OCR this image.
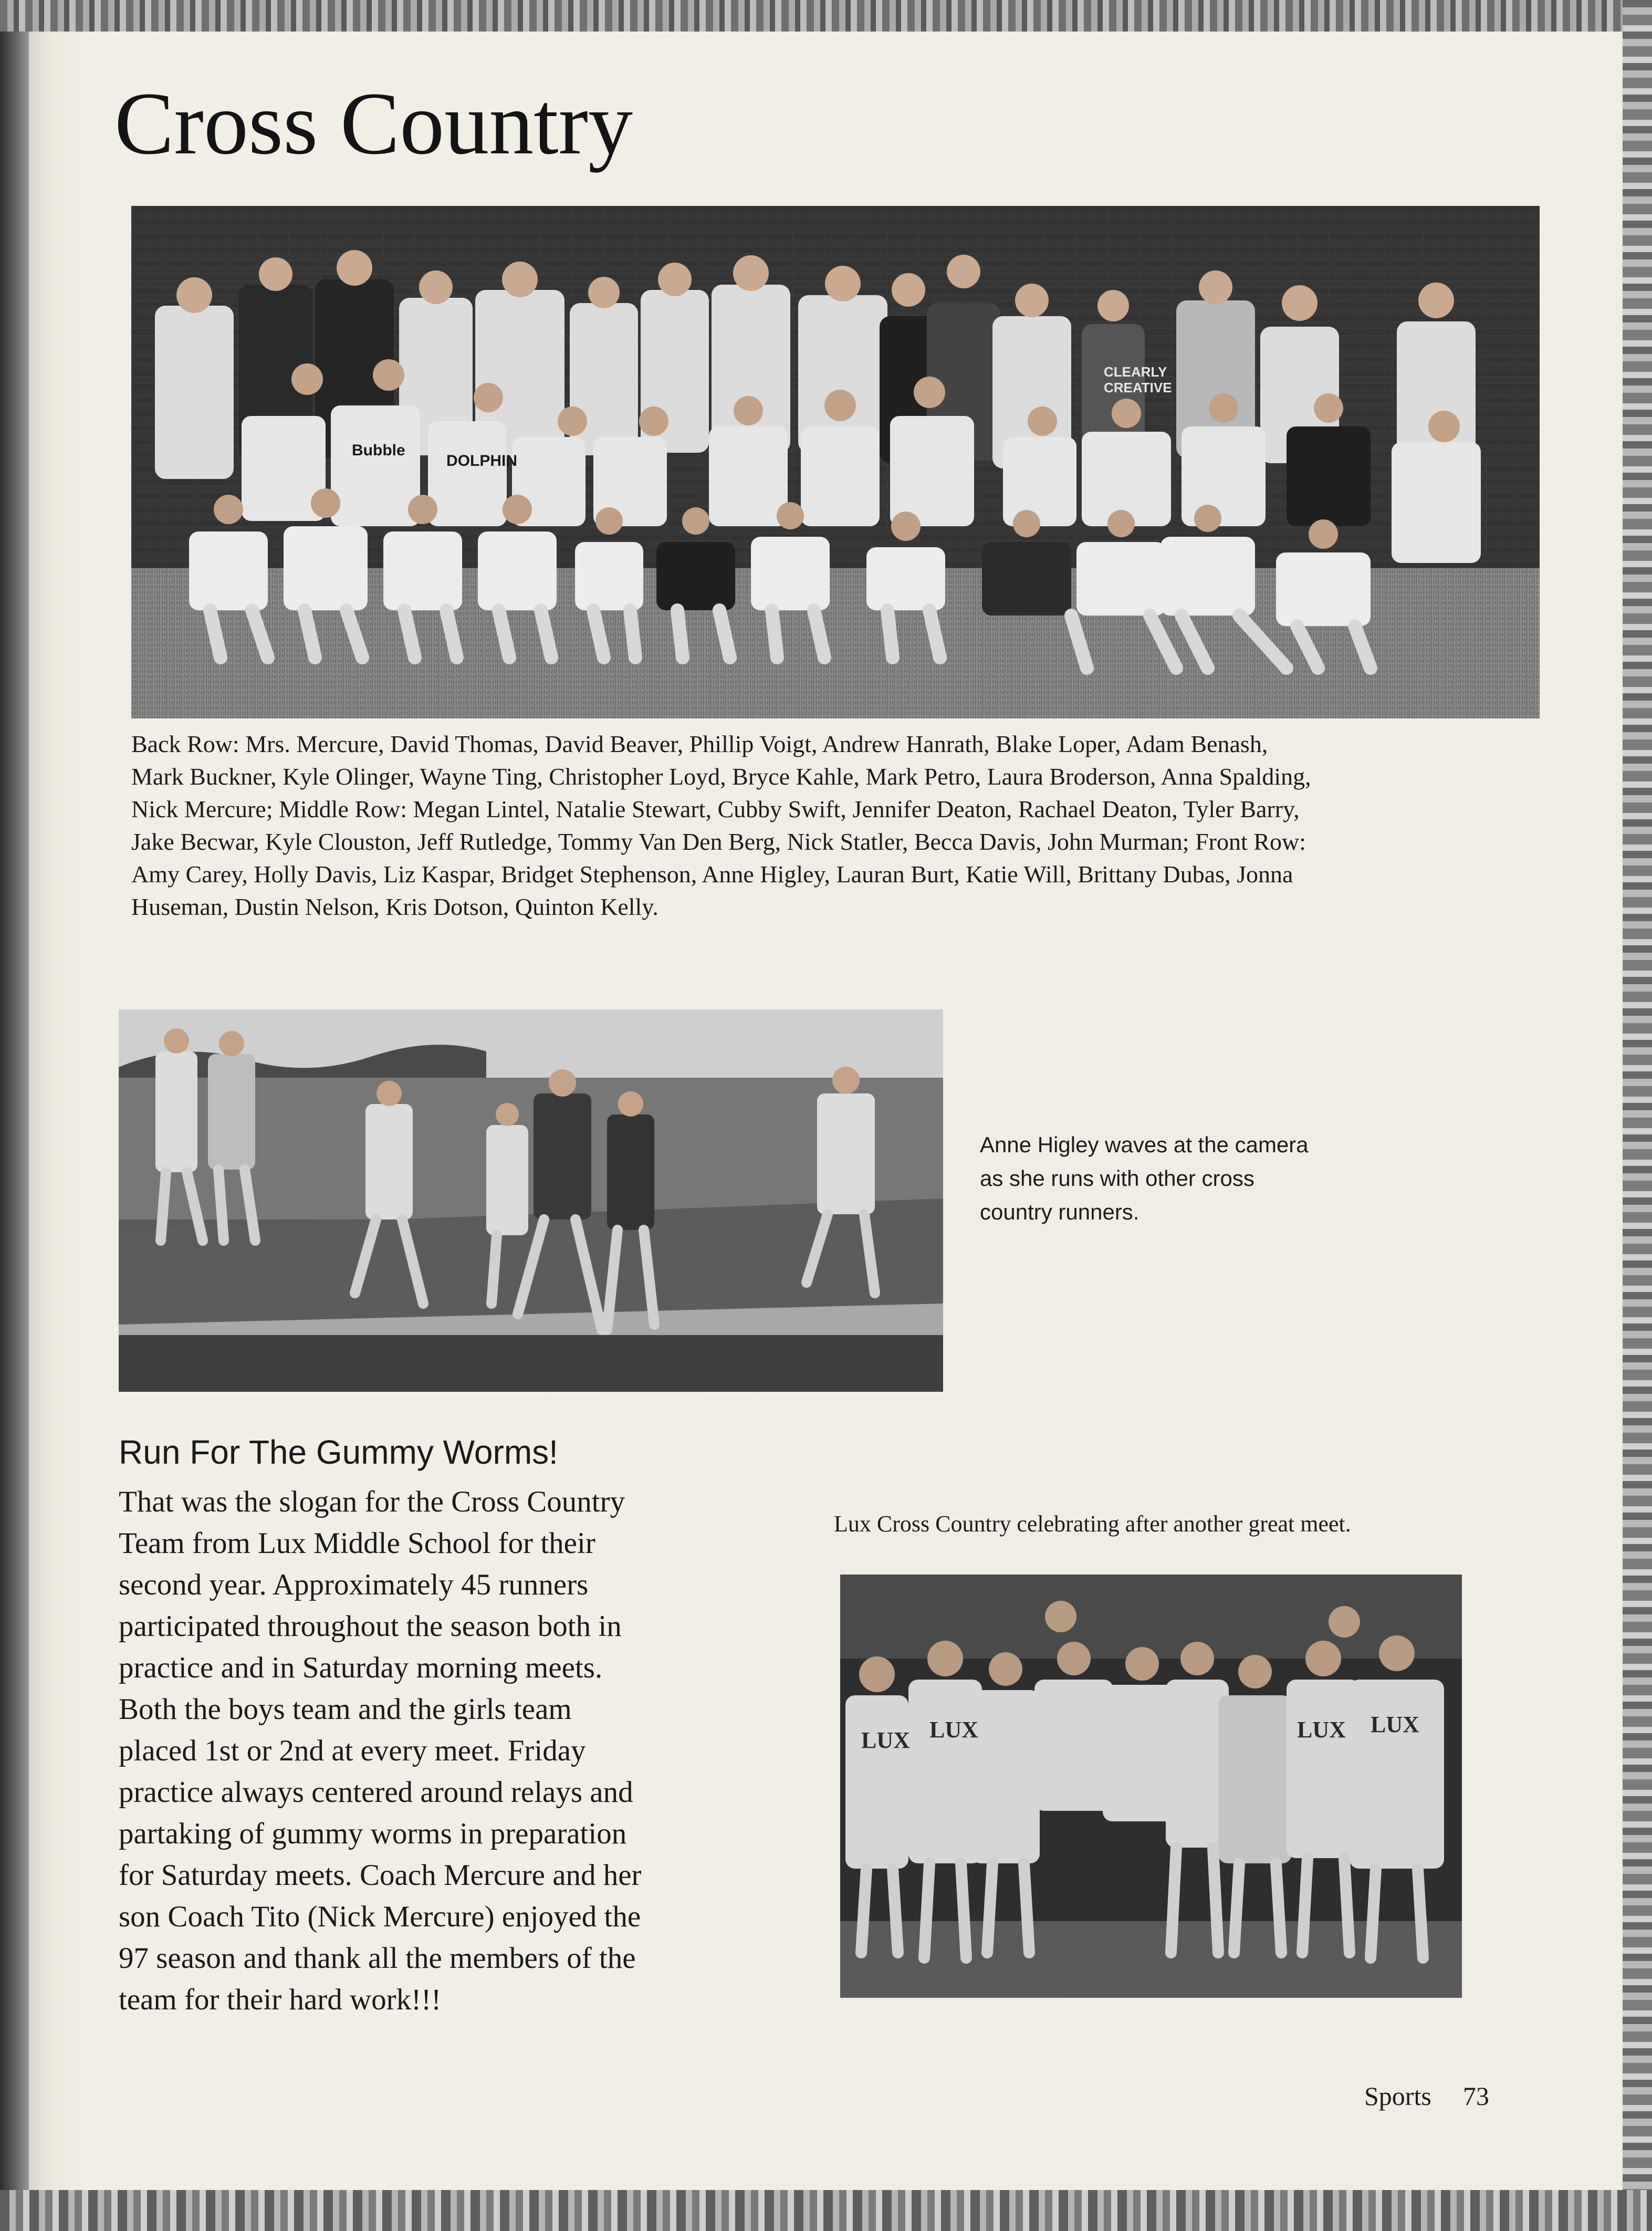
Cross Country
CLEARLY
CREATIVE
Bubble
DOLPHIN
Back Row: Mrs. Mercure, David Thomas, David Beaver, Phillip Voigt, Andrew Hanrath, Blake Loper, Adam Benash,
Mark Buckner, Kyle Olinger, Wayne Ting, Christopher Loyd, Bryce Kahle, Mark Petro, Laura Broderson, Anna Spalding,
Nick Mercure; Middle Row: Megan Lintel, Natalie Stewart, Cubby Swift, Jennifer Deaton, Rachael Deaton, Tyler Barry,
Jake Becwar, Kyle Clouston, Jeff Rutledge, Tommy Van Den Berg, Nick Statler, Becca Davis, John Murman; Front Row:
Amy Carey, Holly Davis, Liz Kaspar, Bridget Stephenson, Anne Higley, Lauran Burt, Katie Will, Brittany Dubas, Jonna
Huseman, Dustin Nelson, Kris Dotson, Quinton Kelly.
Anne Higley waves at the camera
as she runs with other cross
country runners.
Run For The Gummy Worms!
That was the slogan for the Cross Country
Team from Lux Middle School for their
second year. Approximately 45 runners
participated throughout the season both in
practice and in Saturday morning meets.
Both the boys team and the girls team
placed 1st or 2nd at every meet. Friday
practice always centered around relays and
partaking of gummy worms in preparation
for Saturday meets. Coach Mercure and her
son Coach Tito (Nick Mercure) enjoyed the
97 season and thank all the members of the
team for their hard work!!!
Lux Cross Country celebrating after another great meet.
LUX LUX	LUX LUX
Sports 73
